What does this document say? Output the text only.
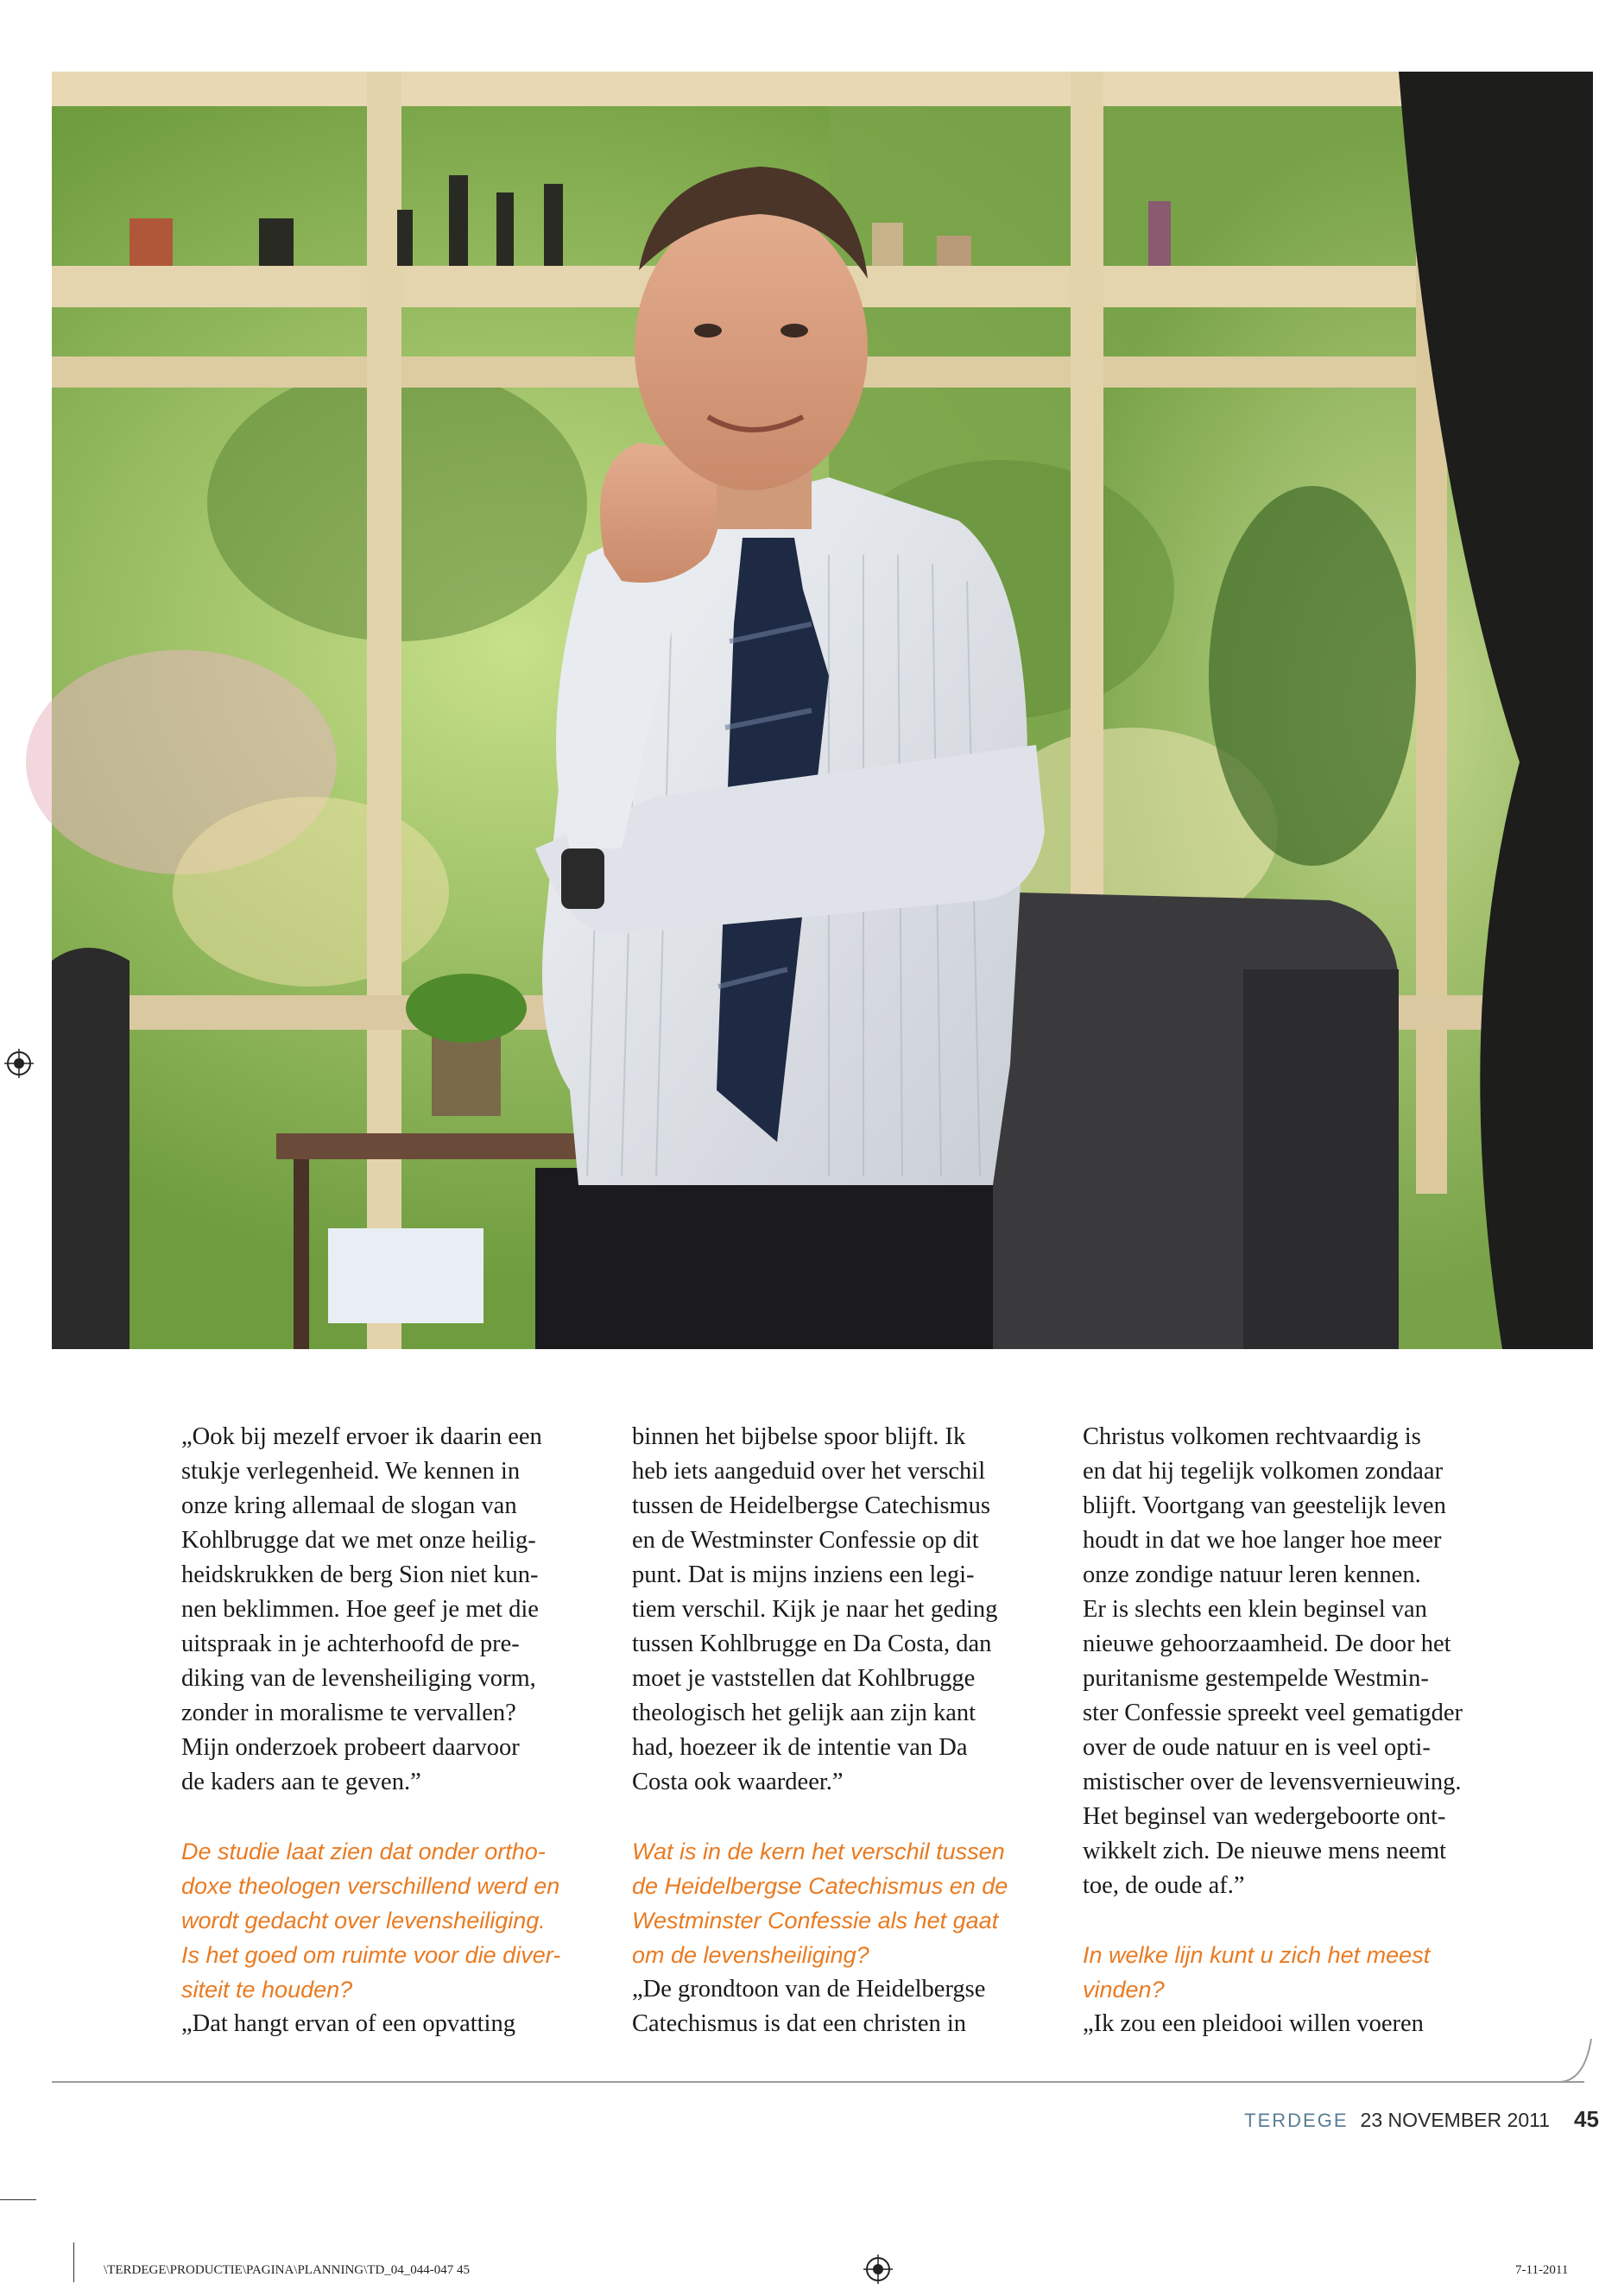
„Ook bij mezelf ervoer ik daarin een
stukje verlegenheid. We kennen in
onze kring allemaal de slogan van
Kohlbrugge dat we met onze heilig-
heidskrukken de berg Sion niet kun-
nen beklimmen. Hoe geef je met die
uitspraak in je achterhoofd de pre-
diking van de levensheiliging vorm,
zonder in moralisme te vervallen?
Mijn onderzoek probeert daarvoor
de kaders aan te geven.”

De studie laat zien dat onder ortho-
doxe theologen verschillend werd en
wordt gedacht over levensheiliging.
Is het goed om ruimte voor die diver-
siteit te houden?

„Dat hangt ervan of een opvatting

binnen het bijbelse spoor blijft. Ik
heb iets aangeduid over het verschil
tussen de Heidelbergse Catechismus
en de Westminster Confessie op dit
punt. Dat is mijns inziens een legi-
tiem verschil. Kijk je naar het geding
tussen Kohlbrugge en Da Costa, dan
moet je vaststellen dat Kohlbrugge
theologisch het gelijk aan zijn kant
had, hoezeer ik de intentie van Da
Costa ook waardeer.”

Wat is in de kern het verschil tussen
de Heidelbergse Catechismus en de
Westminster Confessie als het gaat
om de levensheiliging?

„De grondtoon van de Heidelbergse
Catechismus is dat een christen in

Christus volkomen rechtvaardig is
en dat hij tegelijk volkomen zondaar
blijft. Voortgang van geestelijk leven
houdt in dat we hoe langer hoe meer
onze zondige natuur leren kennen.
Er is slechts een klein beginsel van
nieuwe gehoorzaamheid. De door het
puritanisme gestempelde Westmin-
ster Confessie spreekt veel gematigder
over de oude natuur en is veel opti-
mistischer over de levensvernieuwing.
Het beginsel van wedergeboorte ont-
wikkelt zich. De nieuwe mens neemt
toe, de oude af.”

In welke lijn kunt u zich het meest
vinden?

„Ik zou een pleidooi willen voeren

TERDEGE 23 NOVEMBER 2011 45
\TERDEGE\PRODUCTIE\PAGINA\PLANNING\TD_04_044-047 45	7-11-2011
